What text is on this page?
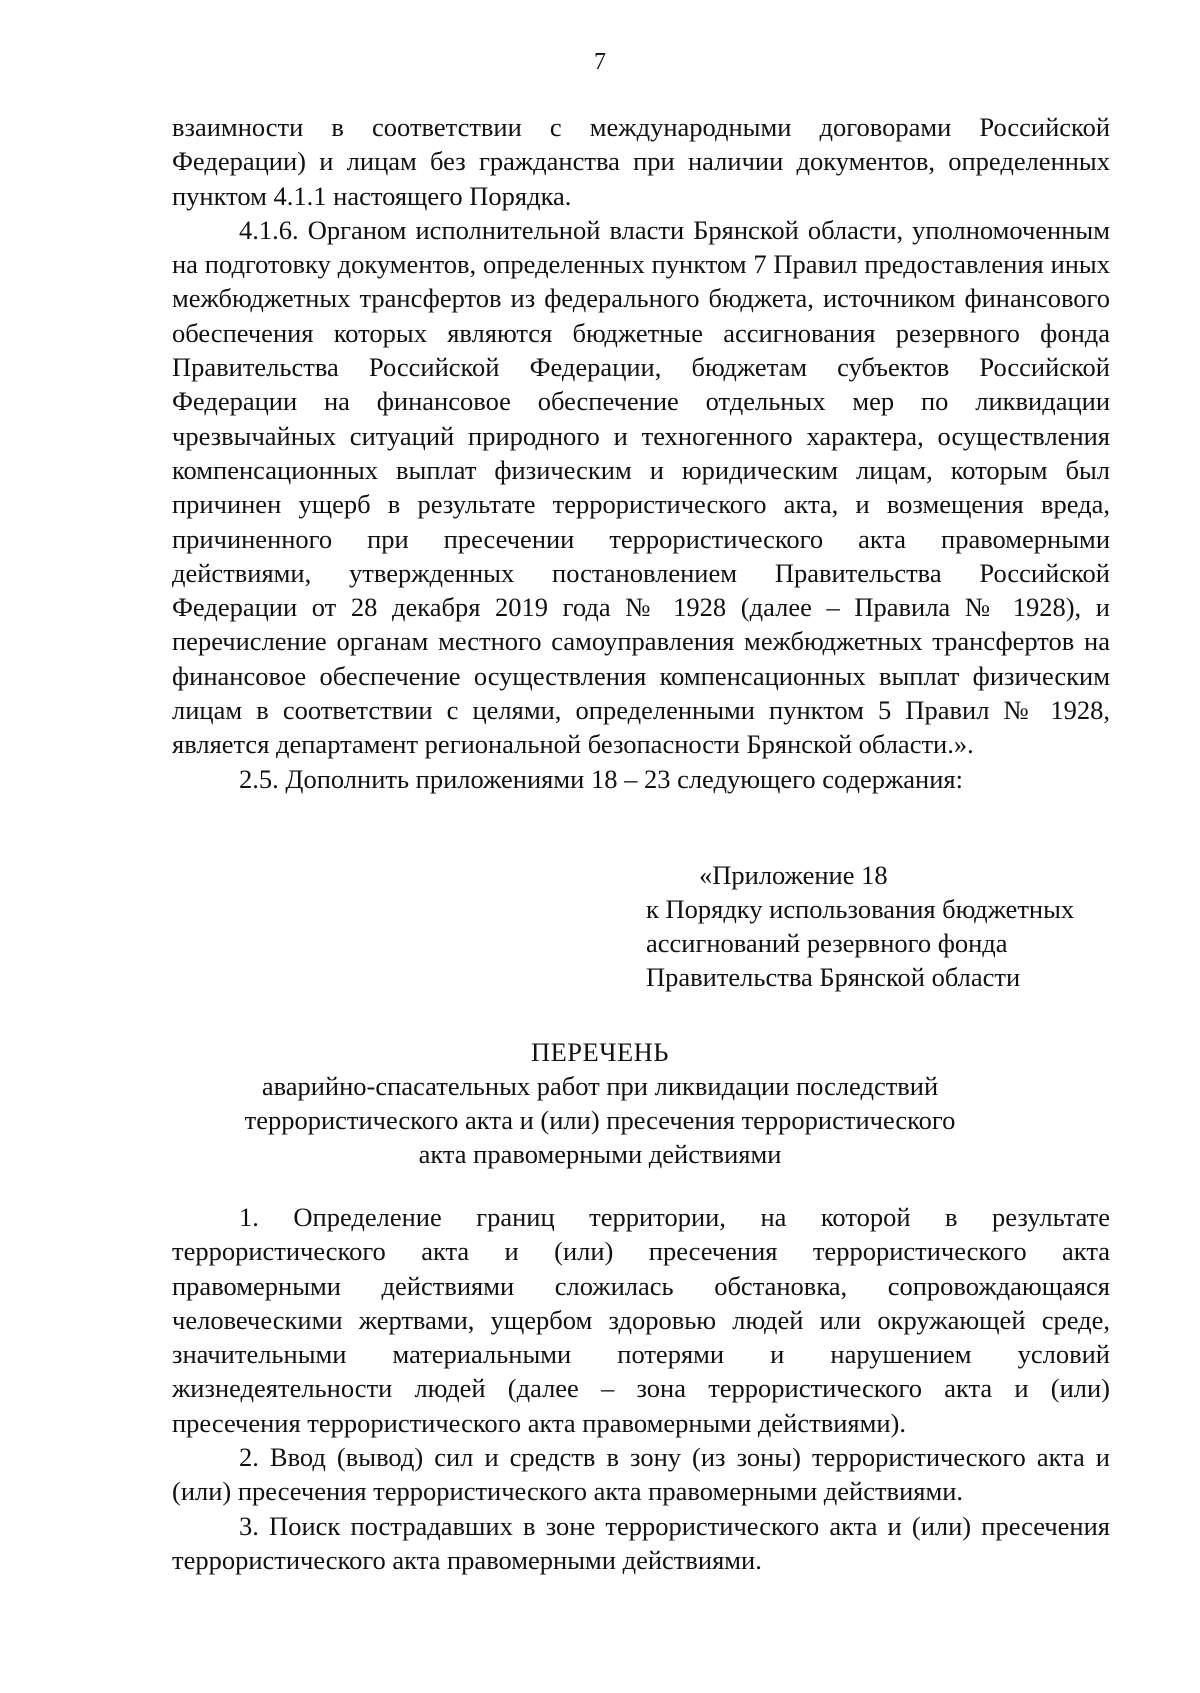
7

взаимности в соответствии с международными договорами Российской Федерации) и лицам без гражданства при наличии документов, определенных пунктом 4.1.1 настоящего Порядка.

4.1.6. Органом исполнительной власти Брянской области, уполномоченным на подготовку документов, определенных пунктом 7 Правил предоставления иных межбюджетных трансфертов из федерального бюджета, источником финансового обеспечения которых являются бюджетные ассигнования резервного фонда Правительства Российской Федерации, бюджетам субъектов Российской Федерации на финансовое обеспечение отдельных мер по ликвидации чрезвычайных ситуаций природного и техногенного характера, осуществления компенсационных выплат физическим и юридическим лицам, которым был причинен ущерб в результате террористического акта, и возмещения вреда, причиненного при пресечении террористического акта правомерными действиями, утвержденных постановлением Правительства Российской Федерации от 28 декабря 2019 года № 1928 (далее – Правила № 1928), и перечисление органам местного самоуправления межбюджетных трансфертов на финансовое обеспечение осуществления компенсационных выплат физическим лицам в соответствии с целями, определенными пунктом 5 Правил № 1928, является департамент региональной безопасности Брянской области.».

2.5. Дополнить приложениями 18 – 23 следующего содержания:

«Приложение 18
к Порядку использования бюджетных
ассигнований резервного фонда
Правительства Брянской области
ПЕРЕЧЕНЬ
аварийно-спасательных работ при ликвидации последствий
террористического акта и (или) пресечения террористического
акта правомерными действиями

1. Определение границ территории, на которой в результате террористического акта и (или) пресечения террористического акта правомерными действиями сложилась обстановка, сопровождающаяся человеческими жертвами, ущербом здоровью людей или окружающей среде, значительными материальными потерями и нарушением условий жизнедеятельности людей (далее – зона террористического акта и (или) пресечения террористического акта правомерными действиями).

2. Ввод (вывод) сил и средств в зону (из зоны) террористического акта и (или) пресечения террористического акта правомерными действиями.

3. Поиск пострадавших в зоне террористического акта и (или) пресечения террористического акта правомерными действиями.
